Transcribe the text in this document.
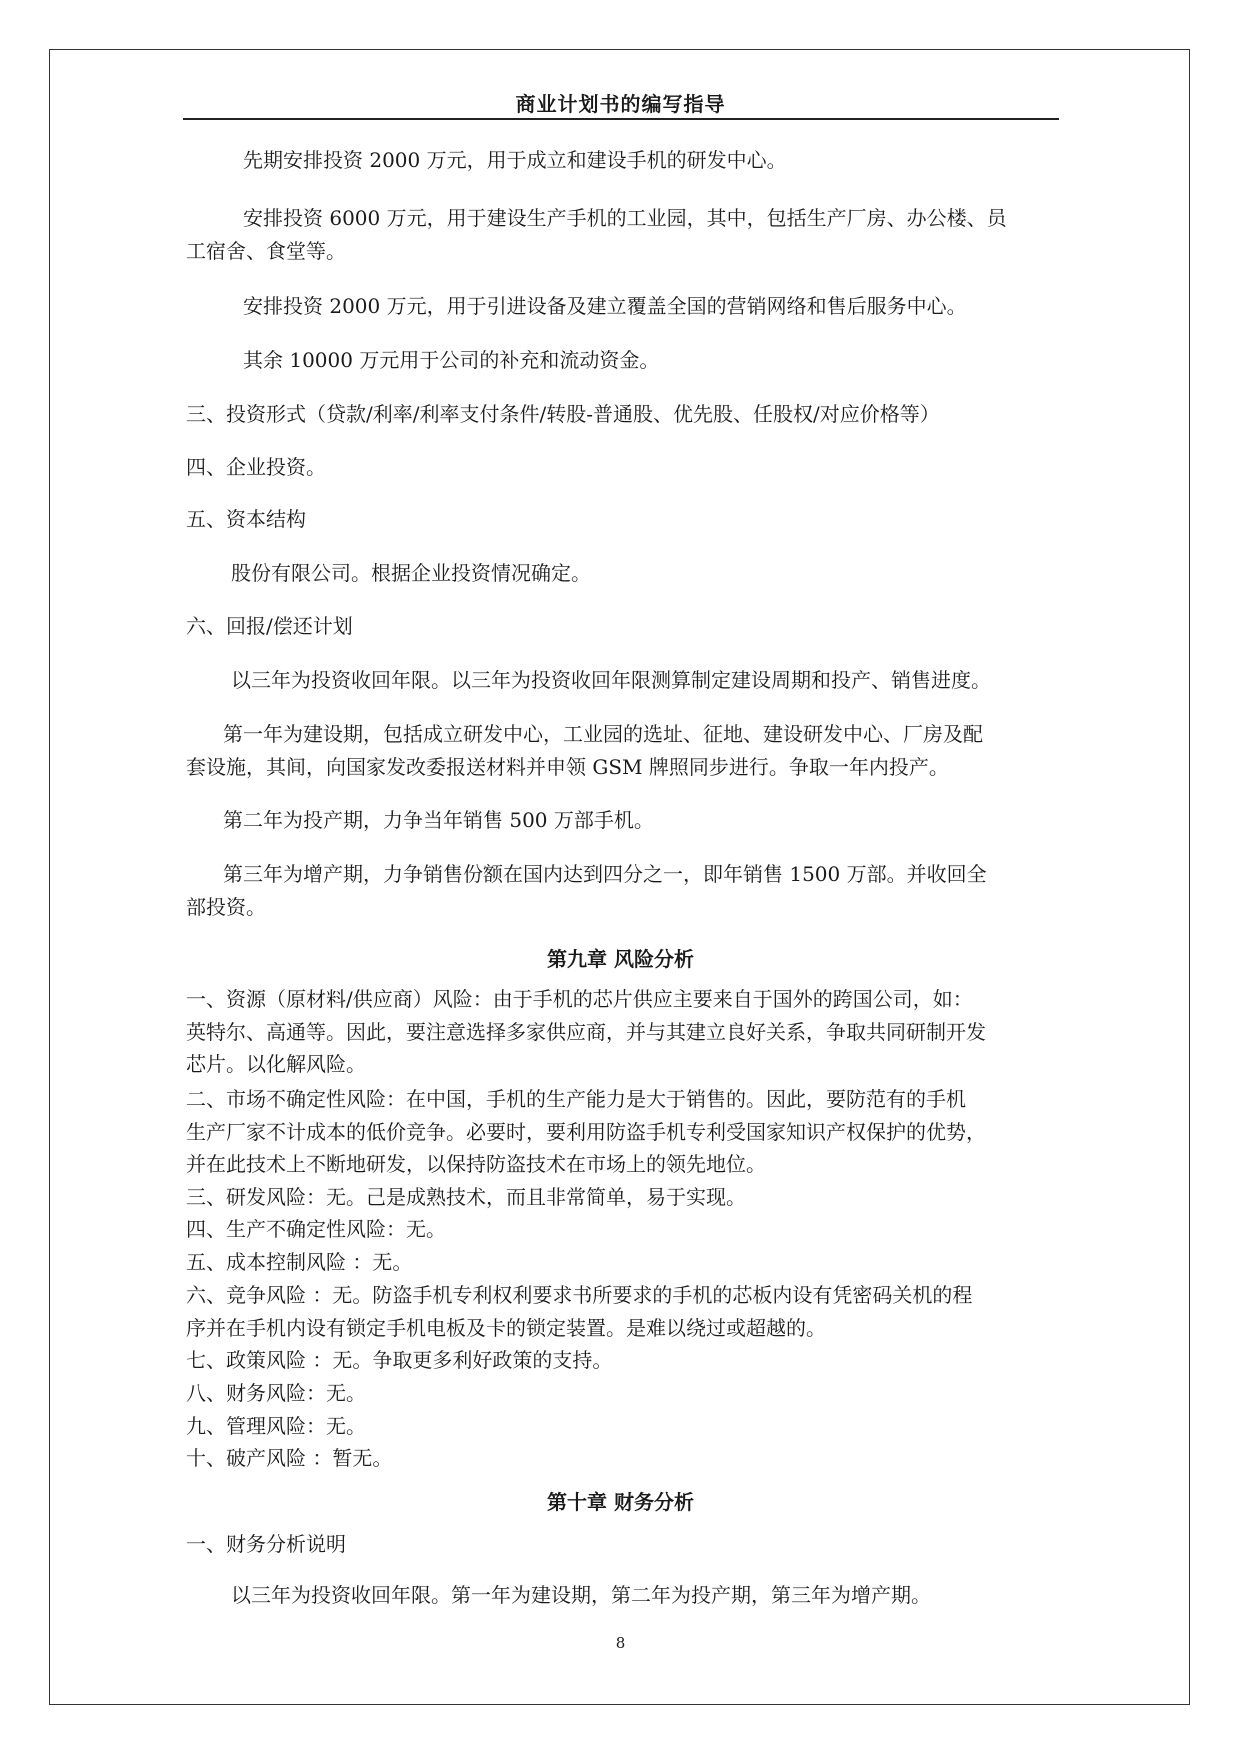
商业计划书的编写指导

先期安排投资 2000 万元，用于成立和建设手机的研发中心。

安排投资 6000 万元，用于建设生产手机的工业园，其中，包括生产厂房、办公楼、员

工宿舍、食堂等。

安排投资 2000 万元，用于引进设备及建立覆盖全国的营销网络和售后服务中心。

其余 10000 万元用于公司的补充和流动资金。

三、投资形式（贷款/利率/利率支付条件/转股-普通股、优先股、任股权/对应价格等）

四、企业投资。

五、资本结构

股份有限公司。根据企业投资情况确定。

六、回报/偿还计划

以三年为投资收回年限。以三年为投资收回年限测算制定建设周期和投产、销售进度。

第一年为建设期，包括成立研发中心，工业园的选址、征地、建设研发中心、厂房及配

套设施，其间，向国家发改委报送材料并申领 GSM 牌照同步进行。争取一年内投产。

第二年为投产期，力争当年销售 500 万部手机。

第三年为增产期，力争销售份额在国内达到四分之一，即年销售 1500 万部。并收回全

部投资。

第九章 风险分析

一、资源（原材料/供应商）风险：由于手机的芯片供应主要来自于国外的跨国公司，如：

英特尔、高通等。因此，要注意选择多家供应商，并与其建立良好关系，争取共同研制开发

芯片。以化解风险。

二、市场不确定性风险：在中国，手机的生产能力是大于销售的。因此，要防范有的手机

生产厂家不计成本的低价竞争。必要时，要利用防盗手机专利受国家知识产权保护的优势，

并在此技术上不断地研发，以保持防盗技术在市场上的领先地位。

三、研发风险：无。己是成熟技术，而且非常简单，易于实现。

四、生产不确定性风险：无。

五、成本控制风险 ：无。

六、竞争风险 ：无。防盗手机专利权利要求书所要求的手机的芯板内设有凭密码关机的程

序并在手机内设有锁定手机电板及卡的锁定装置。是难以绕过或超越的。

七、政策风险 ：无。争取更多利好政策的支持。

八、财务风险：无。

九、管理风险：无。

十、破产风险 ：暂无。

第十章 财务分析

一、财务分析说明

以三年为投资收回年限。第一年为建设期，第二年为投产期，第三年为增产期。

8
